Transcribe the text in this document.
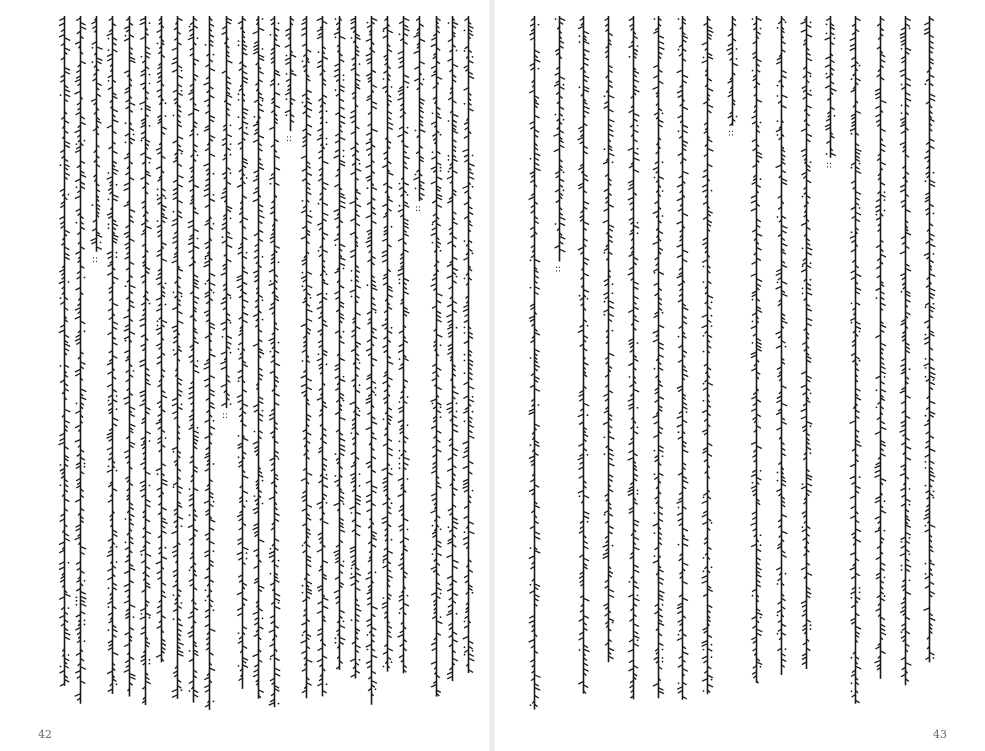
::
::
::
::
42
::
::
::
43
